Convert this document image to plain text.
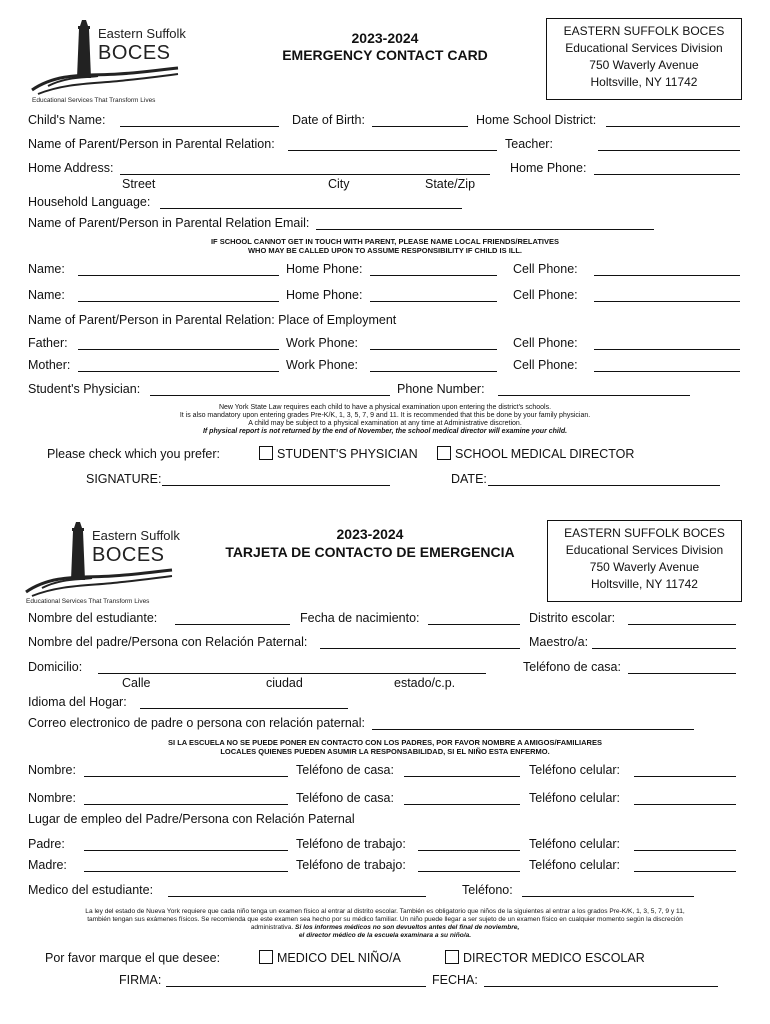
Eastern Suffolk
BOCES
Educational Services That Transform Lives
2023-2024
EMERGENCY CONTACT CARD
EASTERN SUFFOLK BOCES
Educational Services Division
750 Waverly Avenue
Holtsville, NY 11742
Child's Name:	Date of Birth:	Home School District:
Name of Parent/Person in Parental Relation:	Teacher:
Home Address:	Home Phone:
Street	City	State/Zip
Household Language:
Name of Parent/Person in Parental Relation Email:
IF SCHOOL CANNOT GET IN TOUCH WITH PARENT, PLEASE NAME LOCAL FRIENDS/RELATIVES
WHO MAY BE CALLED UPON TO ASSUME RESPONSIBILITY IF CHILD IS ILL.
Name:	Home Phone:	Cell Phone:
Name:	Home Phone:	Cell Phone:
Name of Parent/Person in Parental Relation: Place of Employment
Father:	Work Phone:	Cell Phone:
Mother:	Work Phone:	Cell Phone:
Student's Physician:	Phone Number:
New York State Law requires each child to have a physical examination upon entering the district's schools.
It is also mandatory upon entering grades Pre-K/K, 1, 3, 5, 7, 9 and 11. It is recommended that this be done by your family physician.
A child may be subject to a physical examination at any time at Administrative discretion.
If physical report is not returned by the end of November, the school medical director will examine your child.
Please check which you prefer:	STUDENT'S PHYSICIAN	SCHOOL MEDICAL DIRECTOR
SIGNATURE:	DATE:
Eastern Suffolk
BOCES
Educational Services That Transform Lives
2023-2024
TARJETA DE CONTACTO DE EMERGENCIA
EASTERN SUFFOLK BOCES
Educational Services Division
750 Waverly Avenue
Holtsville, NY 11742
Nombre del estudiante:	Fecha de nacimiento:	Distrito escolar:
Nombre del padre/Persona con Relación Paternal:	Maestro/a:
Domicilio:	Teléfono de casa:
Calle	ciudad	estado/c.p.
Idioma del Hogar:
Correo electronico de padre o persona con relación paternal:
SI LA ESCUELA NO SE PUEDE PONER EN CONTACTO CON LOS PADRES, POR FAVOR NOMBRE A AMIGOS/FAMILIARES
LOCALES QUIENES PUEDEN ASUMIR LA RESPONSABILIDAD, SI EL NIÑO ESTA ENFERMO.
Nombre:	Teléfono de casa:	Teléfono celular:
Nombre:	Teléfono de casa:	Teléfono celular:
Lugar de empleo del Padre/Persona con Relación Paternal
Padre:	Teléfono de trabajo:	Teléfono celular:
Madre:	Teléfono de trabajo:	Teléfono celular:
Medico del estudiante:	Teléfono:
La ley del estado de Nueva York requiere que cada niño tenga un examen físico al entrar al distrito escolar. También es obligatorio que niños de la siguientes al entrar a los grados Pre-K/K, 1, 3, 5, 7, 9 y 11,
también tengan sus exámenes físicos. Se recomienda que este examen sea hecho por su médico familiar. Un niño puede llegar a ser sujeto de un examen físico en cualquier momento según la discreción
administrativa. Si los informes médicos no son devueltos antes del final de noviembre,
el director médico de la escuela examinara a su niño/a.
Por favor marque el que desee:	MEDICO DEL NIÑO/A	DIRECTOR MEDICO ESCOLAR
FIRMA:	FECHA:
